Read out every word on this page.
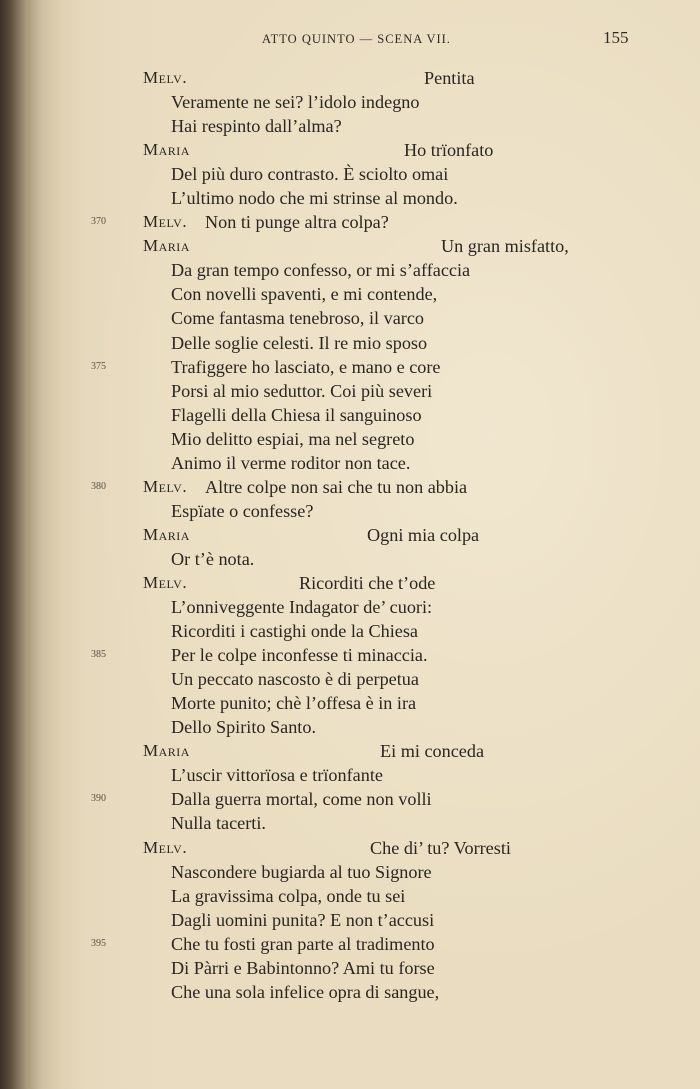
ATTO QUINTO — SCENA VII.	155
Melv.	Pentita
Veramente ne sei? l’idolo indegno
Hai respinto dall’alma?
Maria	Ho trïonfato
Del più duro contrasto. È sciolto omai
L’ultimo nodo che mi strinse al mondo.
370 Melv. Non ti punge altra colpa?
Maria	Un gran misfatto,
Da gran tempo confesso, or mi s’affaccia
Con novelli spaventi, e mi contende,
Come fantasma tenebroso, il varco
Delle soglie celesti. Il re mio sposo
375	Trafiggere ho lasciato, e mano e core
Porsi al mio seduttor. Coi più severi
Flagelli della Chiesa il sanguinoso
Mio delitto espiai, ma nel segreto
Animo il verme roditor non tace.
380 Melv. Altre colpe non sai che tu non abbia
Espïate o confesse?
Maria	Ogni mia colpa
Or t’è nota.
Melv.	Ricorditi che t’ode
L’onniveggente Indagator de’ cuori:
Ricorditi i castighi onde la Chiesa
385	Per le colpe inconfesse ti minaccia.
Un peccato nascosto è di perpetua
Morte punito; chè l’offesa è in ira
Dello Spirito Santo.
Maria	Ei mi conceda
L’uscir vittorïosa e trïonfante
390	Dalla guerra mortal, come non volli
Nulla tacerti.
Melv.	Che di’ tu? Vorresti
Nascondere bugiarda al tuo Signore
La gravissima colpa, onde tu sei
Dagli uomini punita? E non t’accusi
395	Che tu fosti gran parte al tradimento
Di Pàrri e Babintonno? Ami tu forse
Che una sola infelice opra di sangue,
